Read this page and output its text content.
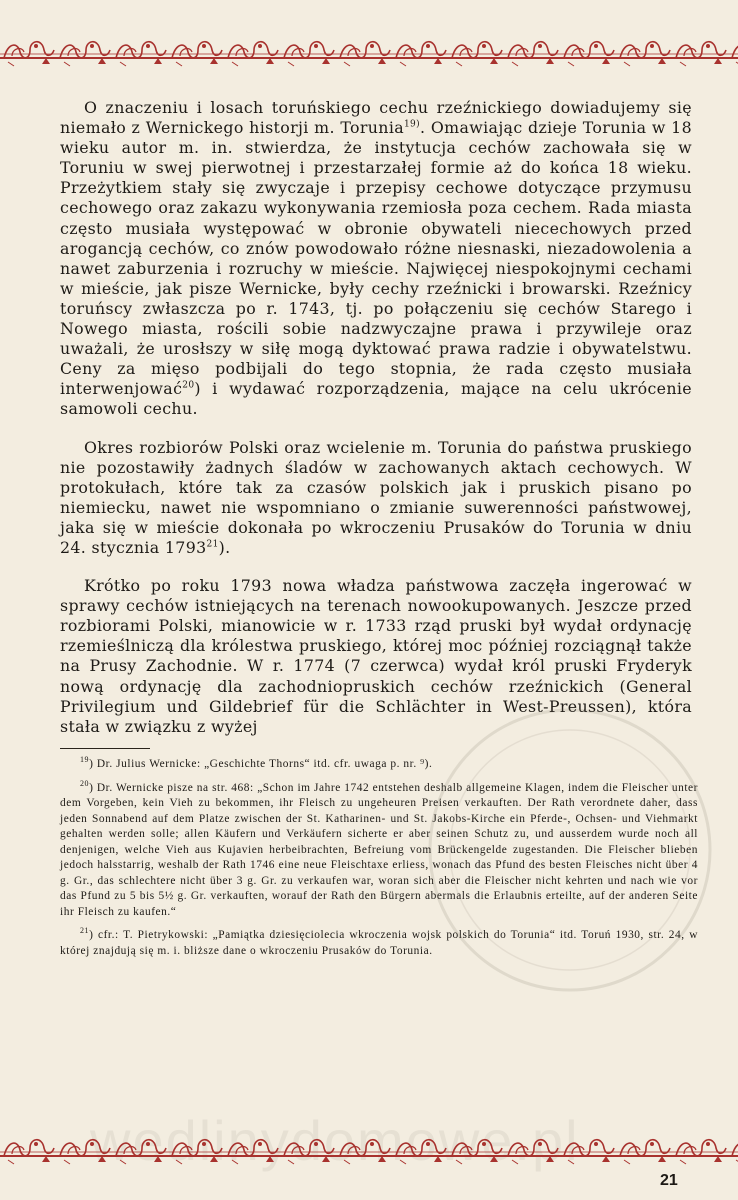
O znaczeniu i losach toruńskiego cechu rzeźnickiego dowiadujemy się niemało z Wernickego historji m. Torunia$^{19)}$. Omawiając dzieje Torunia w 18 wieku autor m. in. stwierdza, że instytucja cechów zachowała się w Toruniu w swej pierwotnej i przestarzałej formie aż do końca 18 wieku. Przeżytkiem stały się zwyczaje i przepisy cechowe dotyczące przymusu cechowego oraz zakazu wykonywania rzemiosła poza cechem. Rada miasta często musiała występować w obronie obywateli niecechowych przed arogancją cechów, co znów powodowało różne niesnaski, niezadowolenia a nawet zaburzenia i rozruchy w mieście. Najwięcej niespokojnymi cechami w mieście, jak pisze Wernicke, były cechy rzeźnicki i browarski. Rzeźnicy toruńscy zwłaszcza po r. 1743, tj. po połączeniu się cechów Starego i Nowego miasta, rościli sobie nadzwyczajne prawa i przywileje oraz uważali, że urosłszy w siłę mogą dyktować prawa radzie i obywatelstwu. Ceny za mięso podbijali do tego stopnia, że rada często musiała interwenjować$^{20}$) i wydawać rozporządzenia, mające na celu ukrócenie samowoli cechu.

Okres rozbiorów Polski oraz wcielenie m. Torunia do państwa pruskiego nie pozostawiły żadnych śladów w zachowanych aktach cechowych. W protokułach, które tak za czasów polskich jak i pruskich pisano po niemiecku, nawet nie wspomniano o zmianie suwerenności państwowej, jaka się w mieście dokonała po wkroczeniu Prusaków do Torunia w dniu 24. stycznia 1793$^{21}$).

Krótko po roku 1793 nowa władza państwowa zaczęła ingerować w sprawy cechów istniejących na terenach nowookupowanych. Jeszcze przed rozbiorami Polski, mianowicie w r. 1733 rząd pruski był wydał ordynację rzemieślniczą dla królestwa pruskiego, której moc później rozciągnął także na Prusy Zachodnie. W r. 1774 (7 czerwca) wydał król pruski Fryderyk nową ordynację dla zachodniopruskich cechów rzeźnickich (General Privilegium und Gildebrief für die Schlächter in West-Preussen), która stała w związku z wyżej

$^{19}$) Dr. Julius Wernicke: „Geschichte Thorns“ itd. cfr. uwaga p. nr. ⁹).

$^{20}$) Dr. Wernicke pisze na str. 468: „Schon im Jahre 1742 entstehen deshalb allgemeine Klagen, indem die Fleischer unter dem Vorgeben, kein Vieh zu bekommen, ihr Fleisch zu ungeheuren Preisen verkauften. Der Rath verordnete daher, dass jeden Sonnabend auf dem Platze zwischen der St. Katharinen- und St. Jakobs-Kirche ein Pferde-, Ochsen- und Viehmarkt gehalten werden solle; allen Käufern und Verkäufern sicherte er aber seinen Schutz zu, und ausserdem wurde noch all denjenigen, welche Vieh aus Kujavien herbeibrachten, Befreiung vom Brückengelde zugestanden. Die Fleischer blieben jedoch halsstarrig, weshalb der Rath 1746 eine neue Fleischtaxe erliess, wonach das Pfund des besten Fleisches nicht über 4 g. Gr., das schlechtere nicht über 3 g. Gr. zu verkaufen war, woran sich aber die Fleischer nicht kehrten und nach wie vor das Pfund zu 5 bis 5½ g. Gr. verkauften, worauf der Rath den Bürgern abermals die Erlaubnis erteilte, auf der anderen Seite ihr Fleisch zu kaufen.“

$^{21}$) cfr.: T. Pietrykowski: „Pamiątka dziesięciolecia wkroczenia wojsk polskich do Torunia“ itd. Toruń 1930, str. 24, w której znajdują się m. i. bliższe dane o wkroczeniu Prusaków do Torunia.

21
